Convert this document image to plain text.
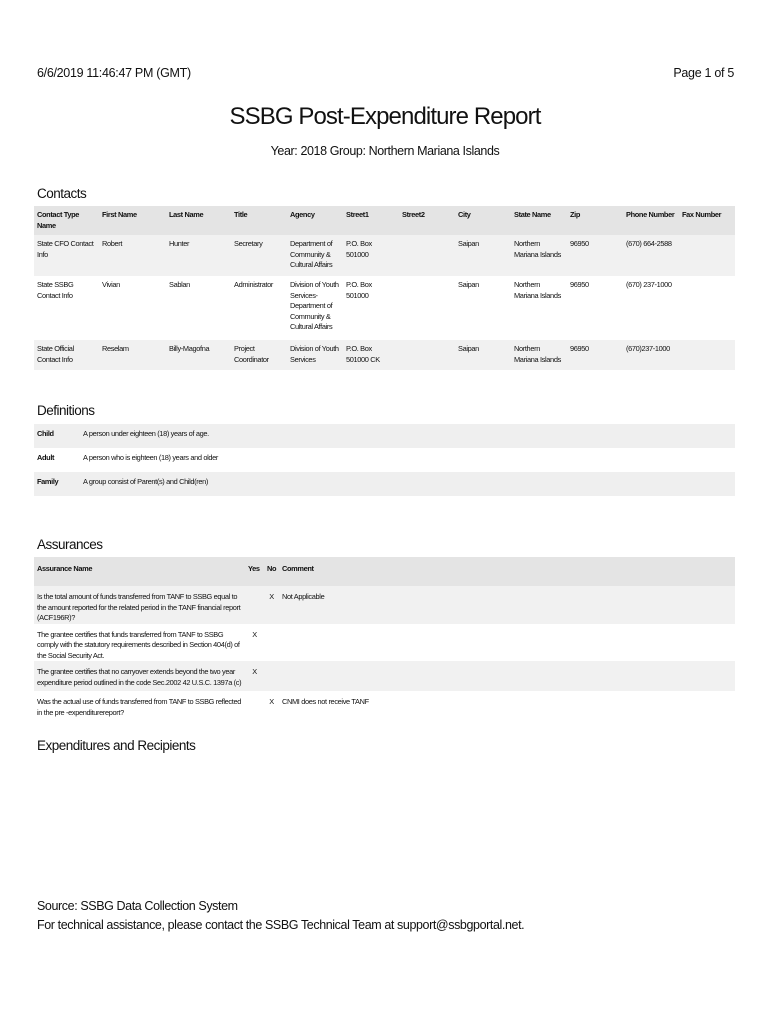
6/6/2019 11:46:47 PM (GMT)	Page 1 of 5
SSBG Post-Expenditure Report
Year: 2018 Group: Northern Mariana Islands
Contacts
Contact Type Name	First Name	Last Name	Title	Agency	Street1	Street2	City	State Name	Zip	Phone Number	Fax Number
State CFO Contact Info	Robert	Hunter	Secretary	Department of Community & Cultural Affairs	P.O. Box 501000		Saipan	Northern Mariana Islands	96950	(670) 664-2588	
State SSBG Contact Info	Vivian	Sablan	Administrator	Division of Youth Services- Department of Community & Cultural Affairs	P.O. Box 501000		Saipan	Northern Mariana Islands	96950	(670) 237-1000	
State Official Contact Info	Reselam	Billy-Magofna	Project Coordinator	Division of Youth Services	P.O. Box 501000 CK		Saipan	Northern Mariana Islands	96950	(670)237-1000	
Definitions
Child	A person under eighteen (18) years of age.
Adult	A person who is eighteen (18) years and older
Family	A group consist of Parent(s) and Child(ren)
Assurances
Assurance Name	Yes	No	Comment
Is the total amount of funds transferred from TANF to SSBG equal to the amount reported for the related period in the TANF financial report (ACF196R)?		X	Not Applicable
The grantee certifies that funds transferred from TANF to SSBG comply with the statutory requirements described in Section 404(d) of the Social Security Act.	X		
The grantee certifies that no carryover extends beyond the two year expenditure period outlined in the code Sec.2002 42 U.S.C. 1397a (c)	X		
Was the actual use of funds transferred from TANF to SSBG reflected in the pre -expenditurereport?		X	CNMI does not receive TANF
Expenditures and Recipients
Source: SSBG Data Collection System
For technical assistance, please contact the SSBG Technical Team at support@ssbgportal.net.
